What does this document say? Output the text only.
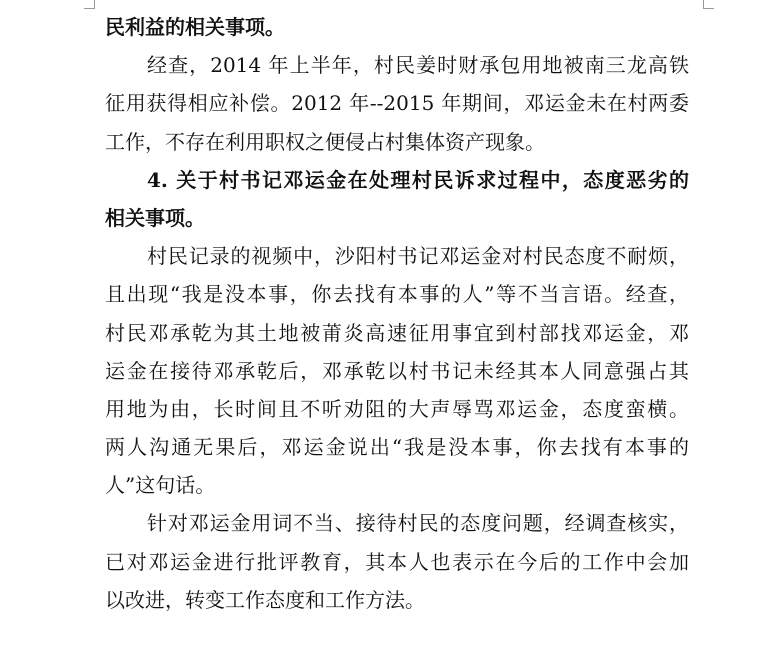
民利益的相关事项。
经查，2014 年上半年，村民姜时财承包用地被南三龙高铁
征用获得相应补偿。2012 年--2015 年期间，邓运金未在村两委
工作，不存在利用职权之便侵占村集体资产现象。
4. 关于村书记邓运金在处理村民诉求过程中，态度恶劣的
相关事项。
村民记录的视频中，沙阳村书记邓运金对村民态度不耐烦，
且出现“我是没本事，你去找有本事的人”等不当言语。经查，
村民邓承乾为其土地被莆炎高速征用事宜到村部找邓运金，邓
运金在接待邓承乾后，邓承乾以村书记未经其本人同意强占其
用地为由，长时间且不听劝阻的大声辱骂邓运金，态度蛮横。
两人沟通无果后，邓运金说出“我是没本事，你去找有本事的
人”这句话。
针对邓运金用词不当、接待村民的态度问题，经调查核实，
已对邓运金进行批评教育，其本人也表示在今后的工作中会加
以改进，转变工作态度和工作方法。
